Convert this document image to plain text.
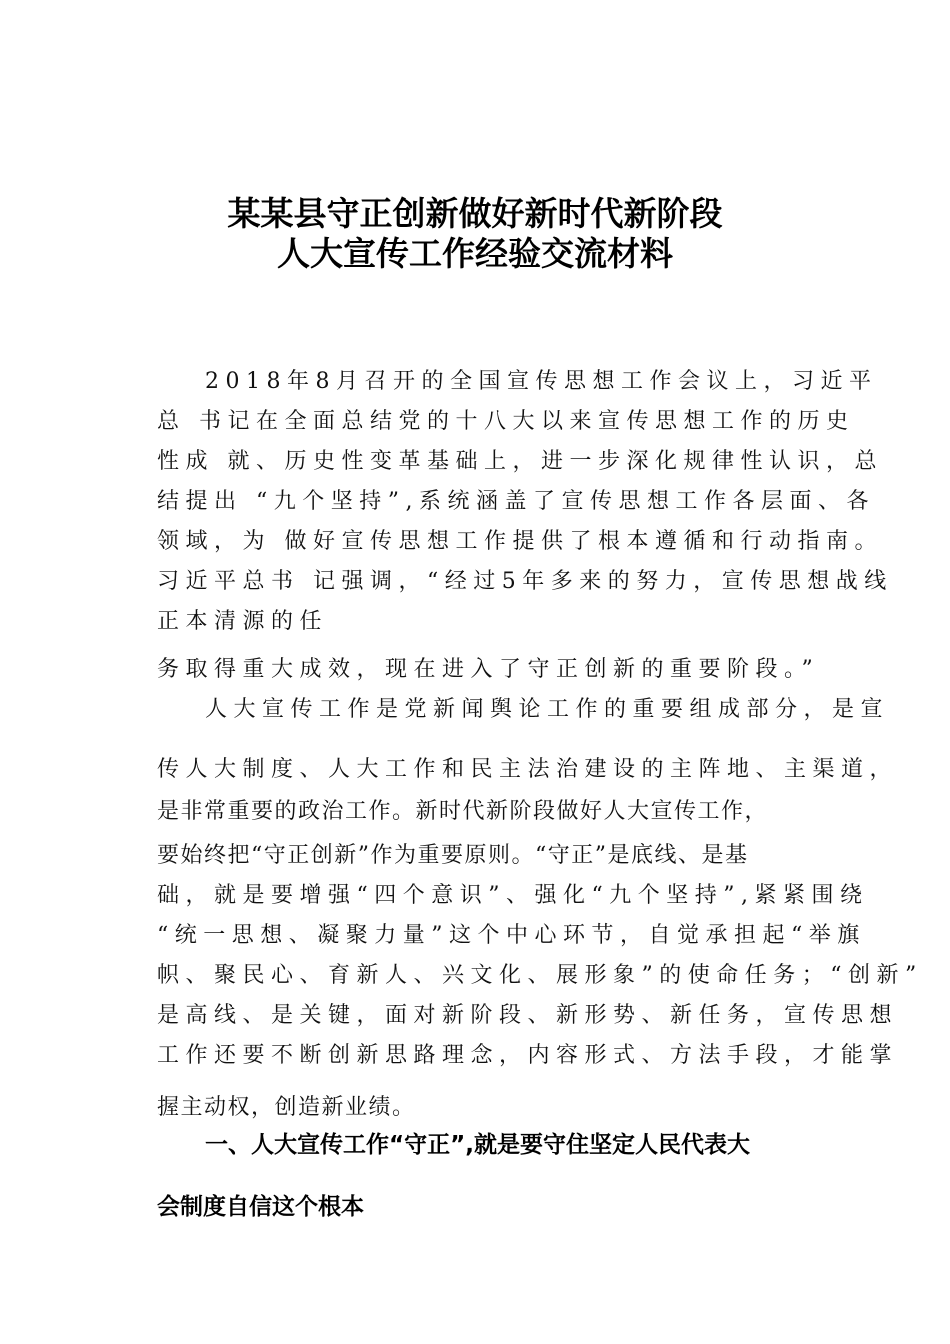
某某县守正创新做好新时代新阶段
人大宣传工作经验交流材料
2018年8月召开的全国宣传思想工作会议上，习近平
总 书记在全面总结党的十八大以来宣传思想工作的历史
性成 就、历史性变革基础上，进一步深化规律性认识，总
结提出 “九个坚持”,系统涵盖了宣传思想工作各层面、各
领域，为 做好宣传思想工作提供了根本遵循和行动指南。
习近平总书 记强调，“经过5年多来的努力，宣传思想战线
正本清源的任
务取得重大成效，现在进入了守正创新的重要阶段。”
人大宣传工作是党新闻舆论工作的重要组成部分，是宣
传人大制度、人大工作和民主法治建设的主阵地、主渠道，
是非常重要的政治工作。新时代新阶段做好人大宣传工作，
要始终把“守正创新”作为重要原则。“守正”是底线、是基
础，就是要增强“四个意识”、强化“九个坚持”,紧紧围绕
“统一思想、凝聚力量”这个中心环节，自觉承担起“举旗
帜、聚民心、育新人、兴文化、展形象”的使命任务；“创新”
是高线、是关键，面对新阶段、新形势、新任务，宣传思想
工作还要不断创新思路理念，内容形式、方法手段，才能掌
握主动权，创造新业绩。
一、人大宣传工作“守正”,就是要守住坚定人民代表大
会制度自信这个根本
